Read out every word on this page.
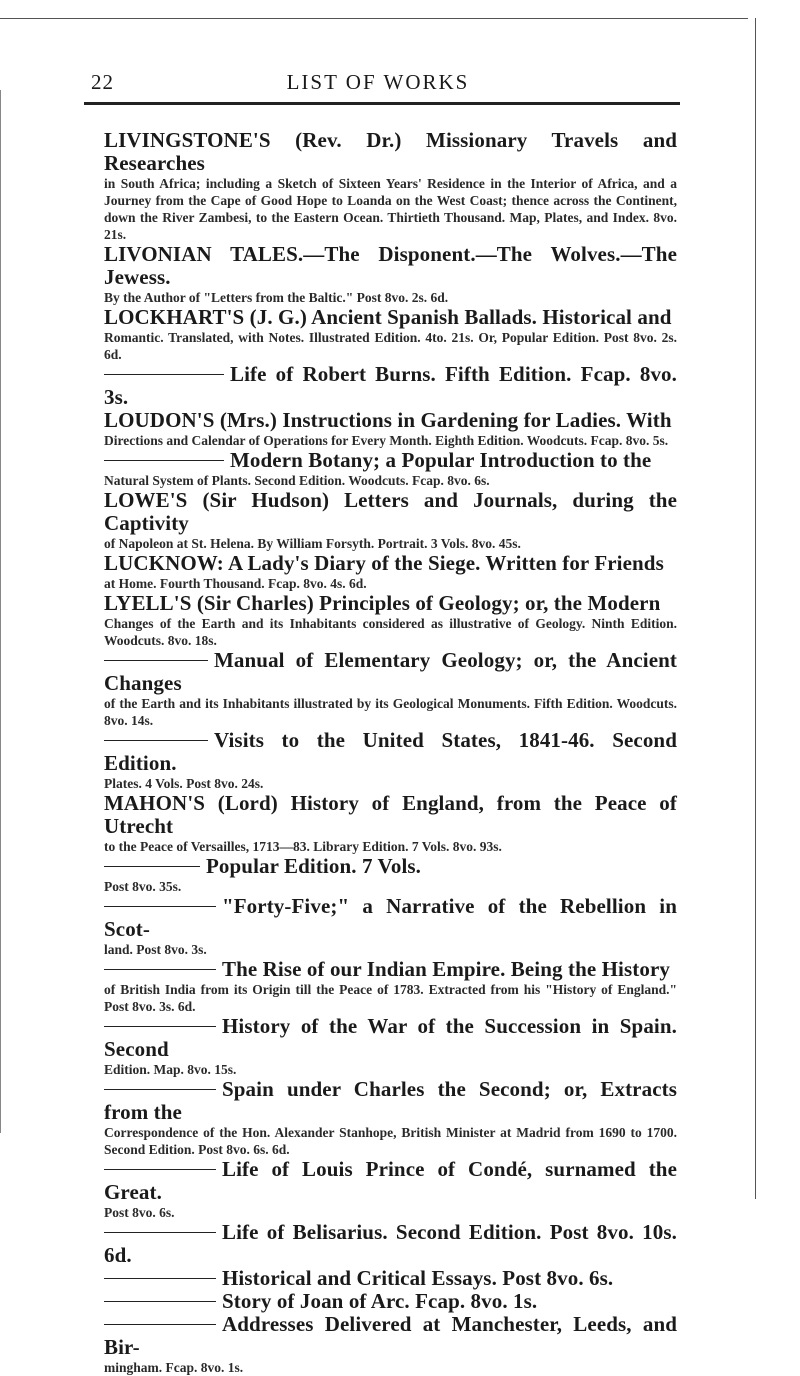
22	LIST OF WORKS
LIVINGSTONE'S (Rev. Dr.) Missionary Travels and Researches
in South Africa; including a Sketch of Sixteen Years' Residence in the Interior of Africa, and a Journey from the Cape of Good Hope to Loanda on the West Coast; thence across the Continent, down the River Zambesi, to the Eastern Ocean. Thirtieth Thousand. Map, Plates, and Index. 8vo. 21s.
LIVONIAN TALES.—The Disponent.—The Wolves.—The Jewess.
By the Author of "Letters from the Baltic." Post 8vo. 2s. 6d.
LOCKHART'S (J. G.) Ancient Spanish Ballads. Historical and
Romantic. Translated, with Notes. Illustrated Edition. 4to. 21s. Or, Popular Edition. Post 8vo. 2s. 6d.
Life of Robert Burns. Fifth Edition. Fcap. 8vo. 3s.
LOUDON'S (Mrs.) Instructions in Gardening for Ladies. With
Directions and Calendar of Operations for Every Month. Eighth Edition. Woodcuts. Fcap. 8vo. 5s.
Modern Botany; a Popular Introduction to the
Natural System of Plants. Second Edition. Woodcuts. Fcap. 8vo. 6s.
LOWE'S (Sir Hudson) Letters and Journals, during the Captivity
of Napoleon at St. Helena. By William Forsyth. Portrait. 3 Vols. 8vo. 45s.
LUCKNOW: A Lady's Diary of the Siege. Written for Friends
at Home. Fourth Thousand. Fcap. 8vo. 4s. 6d.
LYELL'S (Sir Charles) Principles of Geology; or, the Modern
Changes of the Earth and its Inhabitants considered as illustrative of Geology. Ninth Edition. Woodcuts. 8vo. 18s.
Manual of Elementary Geology; or, the Ancient Changes
of the Earth and its Inhabitants illustrated by its Geological Monuments. Fifth Edition. Woodcuts. 8vo. 14s.
Visits to the United States, 1841-46. Second Edition.
Plates. 4 Vols. Post 8vo. 24s.
MAHON'S (Lord) History of England, from the Peace of Utrecht
to the Peace of Versailles, 1713—83. Library Edition. 7 Vols. 8vo. 93s.
Popular Edition. 7 Vols.
Post 8vo. 35s.
"Forty-Five;" a Narrative of the Rebellion in Scot-
land. Post 8vo. 3s.
The Rise of our Indian Empire. Being the History
of British India from its Origin till the Peace of 1783. Extracted from his "History of England." Post 8vo. 3s. 6d.
History of the War of the Succession in Spain. Second
Edition. Map. 8vo. 15s.
Spain under Charles the Second; or, Extracts from the
Correspondence of the Hon. Alexander Stanhope, British Minister at Madrid from 1690 to 1700. Second Edition. Post 8vo. 6s. 6d.
Life of Louis Prince of Condé, surnamed the Great.
Post 8vo. 6s.
Life of Belisarius. Second Edition. Post 8vo. 10s. 6d.
Historical and Critical Essays. Post 8vo. 6s.
Story of Joan of Arc. Fcap. 8vo. 1s.
Addresses Delivered at Manchester, Leeds, and Bir-
mingham. Fcap. 8vo. 1s.
